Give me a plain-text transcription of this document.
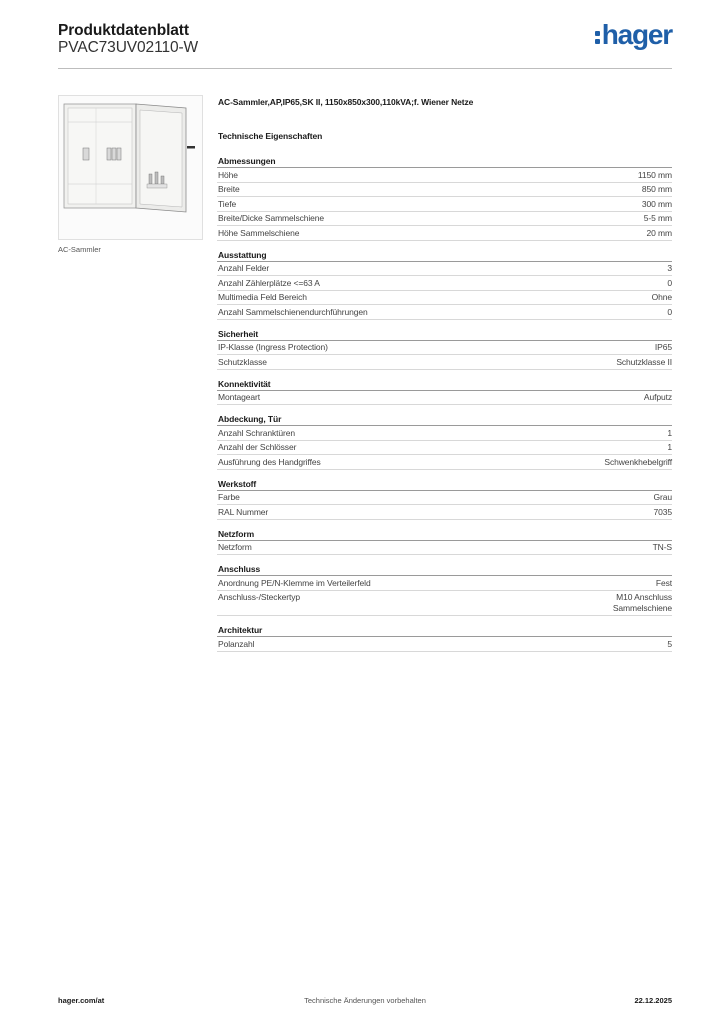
Produktdatenblatt
PVAC73UV02110-W	hager
AC-Sammler
AC-Sammler,AP,IP65,SK II, 1150x850x300,110kVA;f. Wiener Netze
Technische Eigenschaften
Abmessungen
Höhe	1150 mm
Breite	850 mm
Tiefe	300 mm
Breite/Dicke Sammelschiene	5-5 mm
Höhe Sammelschiene	20 mm
Ausstattung
Anzahl Felder	3
Anzahl Zählerplätze <=63 A	0
Multimedia Feld Bereich	Ohne
Anzahl Sammelschienendurchführungen	0
Sicherheit
IP-Klasse (Ingress Protection)	IP65
Schutzklasse	Schutzklasse II
Konnektivität
Montageart	Aufputz
Abdeckung, Tür
Anzahl Schranktüren	1
Anzahl der Schlösser	1
Ausführung des Handgriffes	Schwenkhebelgriff
Werkstoff
Farbe	Grau
RAL Nummer	7035
Netzform
Netzform	TN-S
Anschluss
Anordnung PE/N-Klemme im Verteilerfeld	Fest
Anschluss-/Steckertyp	M10 Anschluss
Sammelschiene
Architektur
Polanzahl	5
hager.com/at	Technische Änderungen vorbehalten	22.12.2025
